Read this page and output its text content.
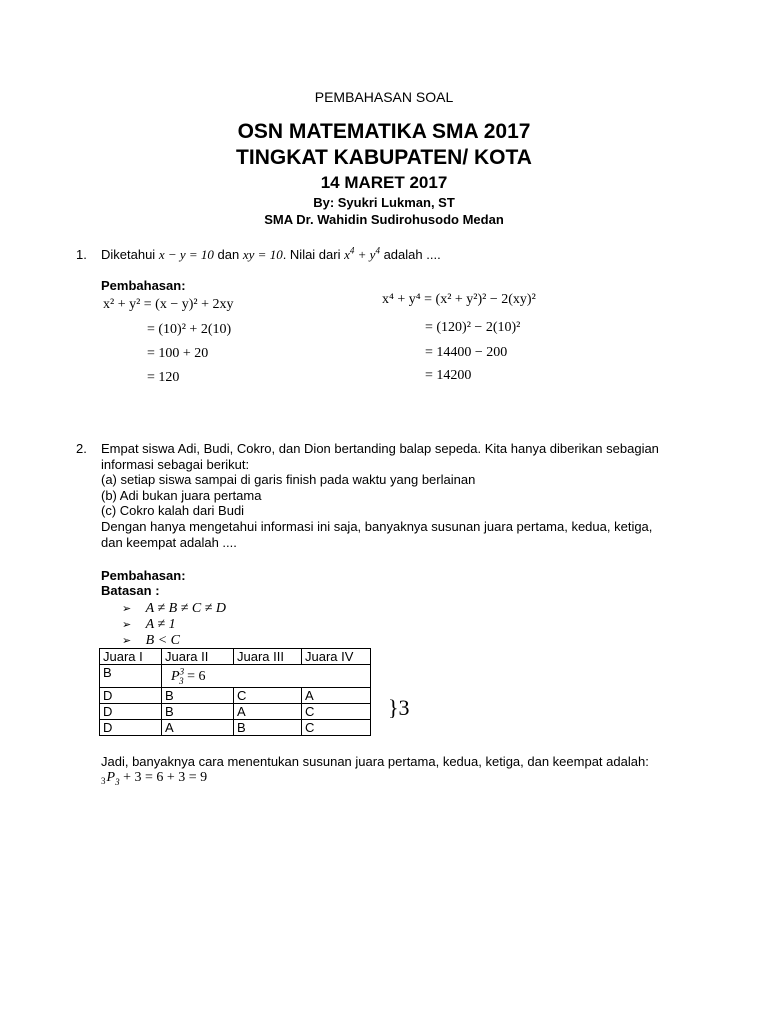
PEMBAHASAN SOAL
OSN MATEMATIKA SMA 2017
TINGKAT KABUPATEN/ KOTA
14 MARET 2017
By: Syukri Lukman, ST
SMA Dr. Wahidin Sudirohusodo Medan
1. Diketahui x − y = 10 dan xy = 10. Nilai dari $x^4 + y^4$ adalah ....
Pembahasan:
x² + y² = (x − y)² + 2xy
= (10)² + 2(10)
= 100 + 20
= 120
x⁴ + y⁴ = (x² + y²)² − 2(xy)²
= (120)² − 2(10)²
= 14400 − 200
= 14200
2. Empat siswa Adi, Budi, Cokro, dan Dion bertanding balap sepeda. Kita hanya diberikan sebagian
informasi sebagai berikut:
(a) setiap siswa sampai di garis finish pada waktu yang berlainan
(b) Adi bukan juara pertama
(c) Cokro kalah dari Budi
Dengan hanya mengetahui informasi ini saja, banyaknya susunan juara pertama, kedua, ketiga,
dan keempat adalah ....
Pembahasan:
Batasan :
➢ A ≠ B ≠ C ≠ D
➢ A ≠ 1
➢ B < C
Juara I	Juara II	Juara III	Juara IV
B	$P^3_3 = 6$		
D	B	C	A
D	B	A	C
D	A	B	C
}3
Jadi, banyaknya cara menentukan susunan juara pertama, kedua, ketiga, dan keempat adalah:
$_3P_3 + 3 = 6 + 3 = 9$
